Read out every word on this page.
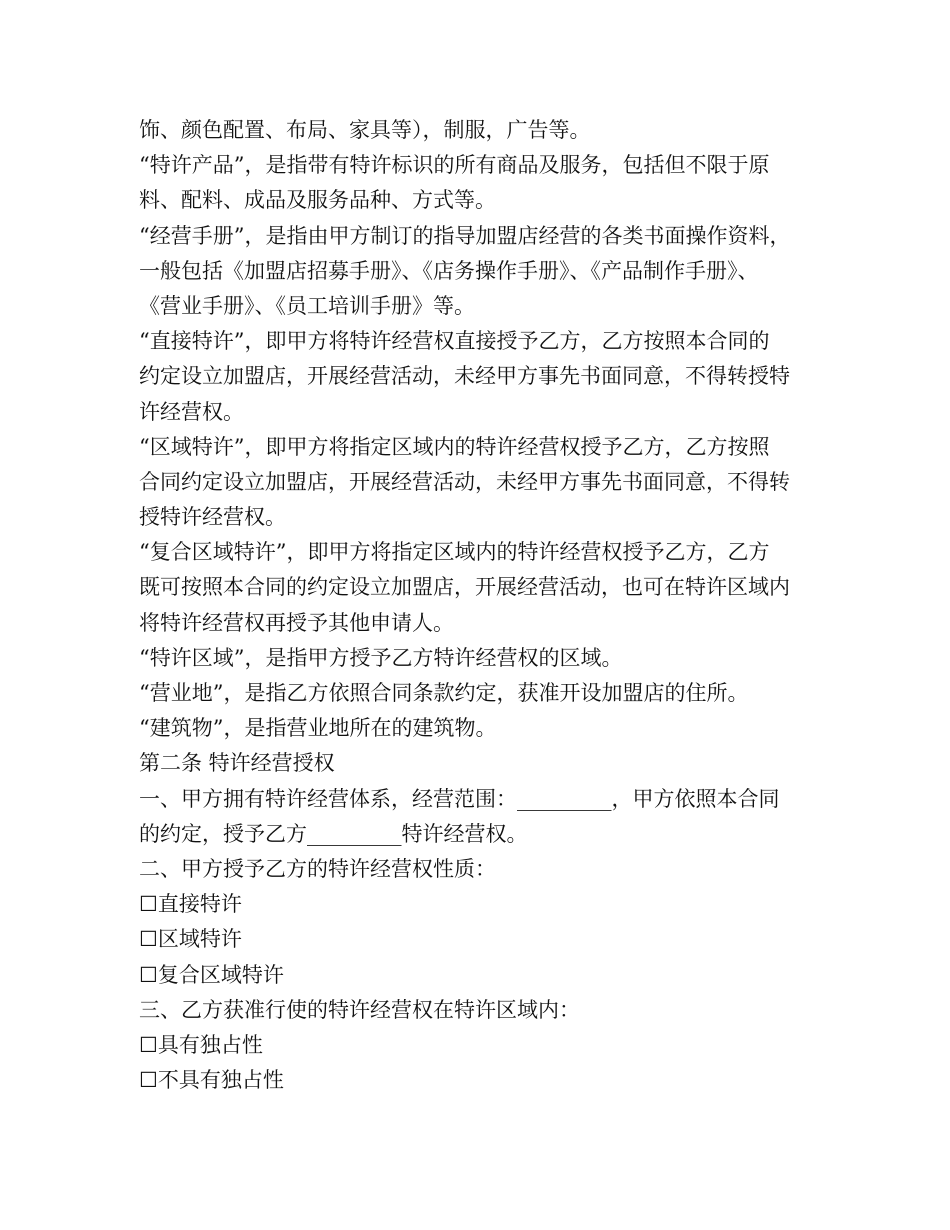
饰、颜色配置、布局、家具等），制服，广告等。
“特许产品”，是指带有特许标识的所有商品及服务，包括但不限于原
料、配料、成品及服务品种、方式等。
“经营手册”，是指由甲方制订的指导加盟店经营的各类书面操作资料，
一般包括《加盟店招募手册》、《店务操作手册》、《产品制作手册》、
《营业手册》、《员工培训手册》等。
“直接特许”，即甲方将特许经营权直接授予乙方，乙方按照本合同的
约定设立加盟店，开展经营活动，未经甲方事先书面同意，不得转授特
许经营权。
“区域特许”，即甲方将指定区域内的特许经营权授予乙方，乙方按照
合同约定设立加盟店，开展经营活动，未经甲方事先书面同意，不得转
授特许经营权。
“复合区域特许”，即甲方将指定区域内的特许经营权授予乙方，乙方
既可按照本合同的约定设立加盟店，开展经营活动，也可在特许区域内
将特许经营权再授予其他申请人。
“特许区域”，是指甲方授予乙方特许经营权的区域。
“营业地”，是指乙方依照合同条款约定，获准开设加盟店的住所。
“建筑物”，是指营业地所在的建筑物。
第二条 特许经营授权
一、甲方拥有特许经营体系，经营范围：_________，甲方依照本合同
的约定，授予乙方_________特许经营权。
二、甲方授予乙方的特许经营权性质：
☐直接特许
☐区域特许
☐复合区域特许
三、乙方获准行使的特许经营权在特许区域内：
☐具有独占性
☐不具有独占性
